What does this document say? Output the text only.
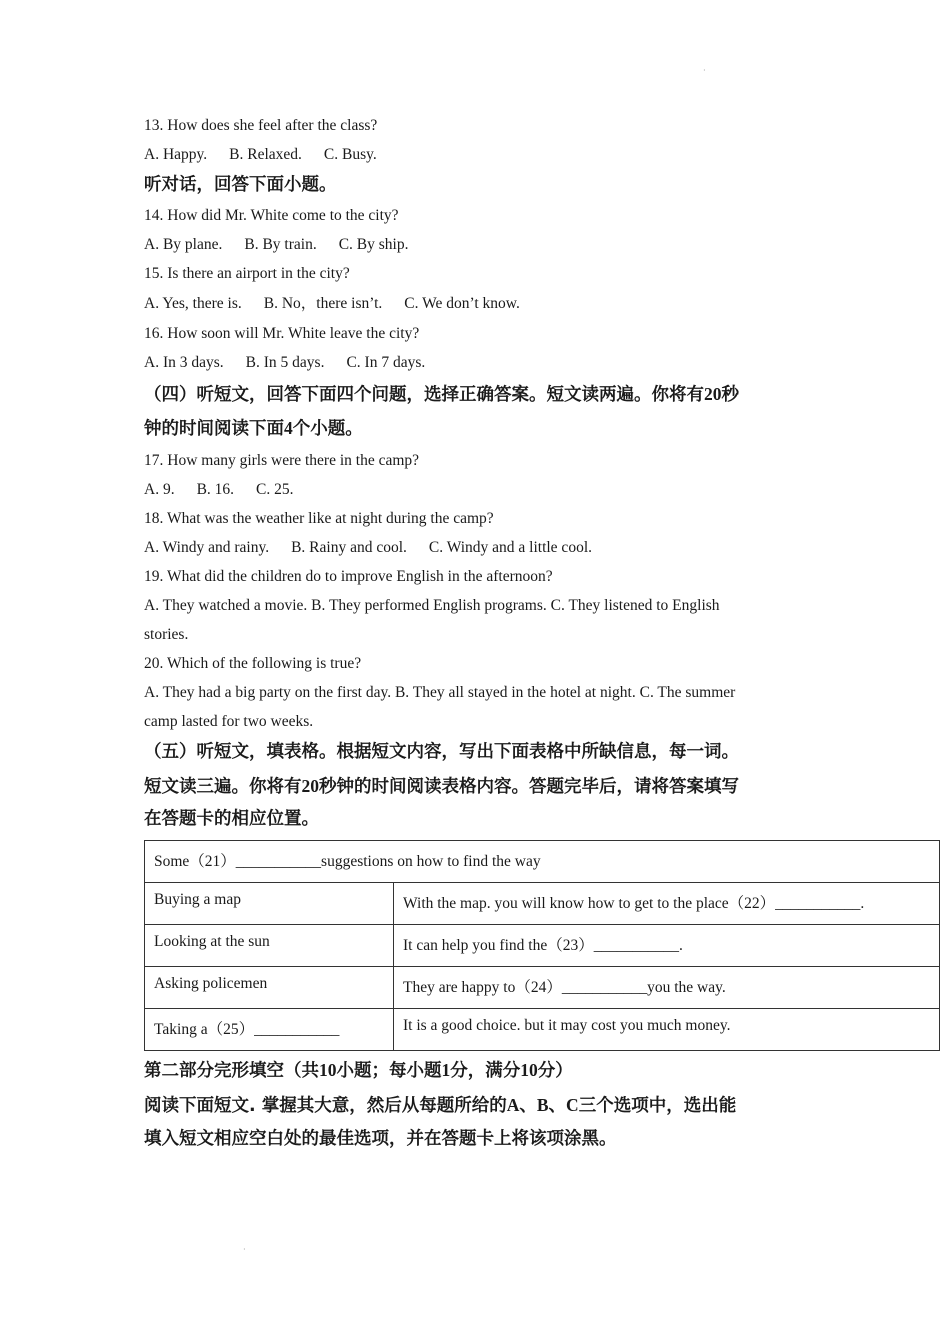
·

13. How does she feel after the class?

A. Happy. B. Relaxed. C. Busy.

听对话，回答下面小题。

14. How did Mr. White come to the city?

A. By plane. B. By train. C. By ship.

15. Is there an airport in the city?

A. Yes, there is. B. No，there isn’t. C. We don’t know.

16. How soon will Mr. White leave the city?

A. In 3 days. B. In 5 days. C. In 7 days.

（四）听短文，回答下面四个问题，选择正确答案。短文读两遍。你将有20秒

钟的时间阅读下面4个小题。

17. How many girls were there in the camp?

A. 9. B. 16. C. 25.

18. What was the weather like at night during the camp?

A. Windy and rainy. B. Rainy and cool. C. Windy and a little cool.

19. What did the children do to improve English in the afternoon?

A. They watched a movie. B. They performed English programs. C. They listened to English

stories.

20. Which of the following is true?

A. They had a big party on the first day. B. They all stayed in the hotel at night. C. The summer

camp lasted for two weeks.

（五）听短文，填表格。根据短文内容，写出下面表格中所缺信息，每一词。

短文读三遍。你将有20秒钟的时间阅读表格内容。答题完毕后，请将答案填写

在答题卡的相应位置。

Some（21）___________suggestions on how to find the way	
Buying a map	With the map. you will know how to get to the place（22）___________.
Looking at the sun	It can help you find the（23）___________.
Asking policemen	They are happy to（24）___________you the way.
Taking a（25）___________	It is a good choice. but it may cost you much money.

第二部分完形填空（共10小题；每小题1分，满分10分）

阅读下面短文. 掌握其大意，然后从每题所给的A、B、C三个选项中，选出能

填入短文相应空白处的最佳选项，并在答题卡上将该项涂黑。

·
